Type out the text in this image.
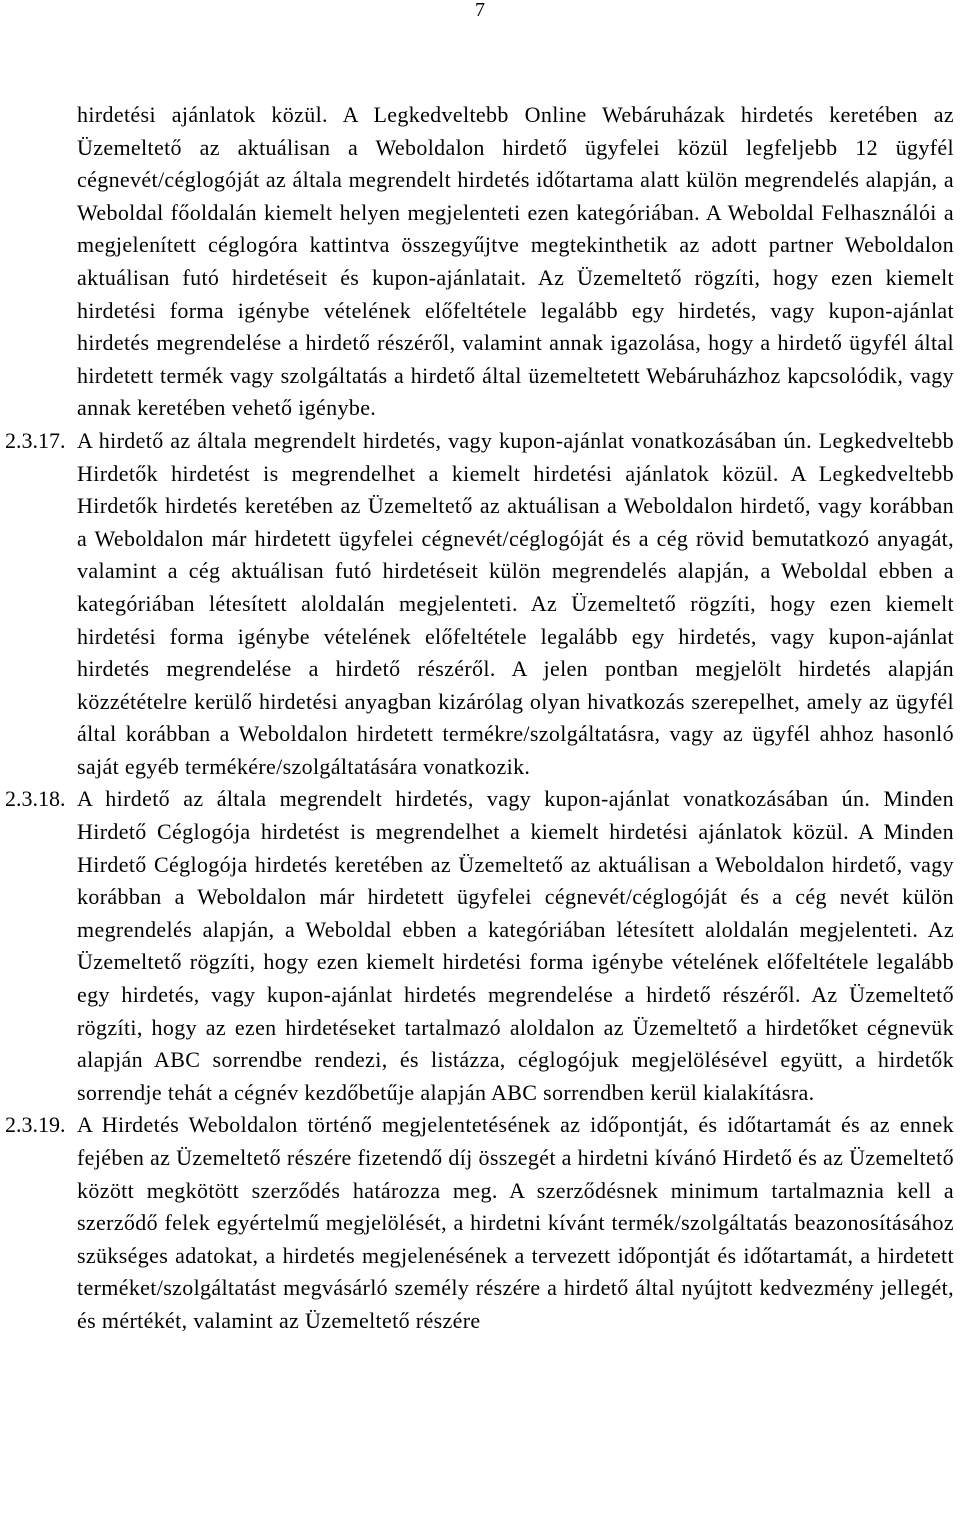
7

hirdetési ajánlatok közül. A Legkedveltebb Online Webáruházak hirdetés keretében az Üzemeltető az aktuálisan a Weboldalon hirdető ügyfelei közül legfeljebb 12 ügyfél cégnevét/céglogóját az általa megrendelt hirdetés időtartama alatt külön megrendelés alapján, a Weboldal főoldalán kiemelt helyen megjelenteti ezen kategóriában. A Weboldal Felhasználói a megjelenített céglogóra kattintva összegyűjtve megtekinthetik az adott partner Weboldalon aktuálisan futó hirdetéseit és kupon-ajánlatait. Az Üzemeltető rögzíti, hogy ezen kiemelt hirdetési forma igénybe vételének előfeltétele legalább egy hirdetés, vagy kupon-ajánlat hirdetés megrendelése a hirdető részéről, valamint annak igazolása, hogy a hirdető ügyfél által hirdetett termék vagy szolgáltatás a hirdető által üzemeltetett Webáruházhoz kapcsolódik, vagy annak keretében vehető igénybe.

2.3.17. A hirdető az általa megrendelt hirdetés, vagy kupon-ajánlat vonatkozásában ún. Legkedveltebb Hirdetők hirdetést is megrendelhet a kiemelt hirdetési ajánlatok közül. A Legkedveltebb Hirdetők hirdetés keretében az Üzemeltető az aktuálisan a Weboldalon hirdető, vagy korábban a Weboldalon már hirdetett ügyfelei cégnevét/céglogóját és a cég rövid bemutatkozó anyagát, valamint a cég aktuálisan futó hirdetéseit külön megrendelés alapján, a Weboldal ebben a kategóriában létesített aloldalán megjelenteti. Az Üzemeltető rögzíti, hogy ezen kiemelt hirdetési forma igénybe vételének előfeltétele legalább egy hirdetés, vagy kupon-ajánlat hirdetés megrendelése a hirdető részéről. A jelen pontban megjelölt hirdetés alapján közzétételre kerülő hirdetési anyagban kizárólag olyan hivatkozás szerepelhet, amely az ügyfél által korábban a Weboldalon hirdetett termékre/szolgáltatásra, vagy az ügyfél ahhoz hasonló saját egyéb termékére/szolgáltatására vonatkozik.

2.3.18. A hirdető az általa megrendelt hirdetés, vagy kupon-ajánlat vonatkozásában ún. Minden Hirdető Céglogója hirdetést is megrendelhet a kiemelt hirdetési ajánlatok közül. A Minden Hirdető Céglogója hirdetés keretében az Üzemeltető az aktuálisan a Weboldalon hirdető, vagy korábban a Weboldalon már hirdetett ügyfelei cégnevét/céglogóját és a cég nevét külön megrendelés alapján, a Weboldal ebben a kategóriában létesített aloldalán megjelenteti. Az Üzemeltető rögzíti, hogy ezen kiemelt hirdetési forma igénybe vételének előfeltétele legalább egy hirdetés, vagy kupon-ajánlat hirdetés megrendelése a hirdető részéről. Az Üzemeltető rögzíti, hogy az ezen hirdetéseket tartalmazó aloldalon az Üzemeltető a hirdetőket cégnevük alapján ABC sorrendbe rendezi, és listázza, céglogójuk megjelölésével együtt, a hirdetők sorrendje tehát a cégnév kezdőbetűje alapján ABC sorrendben kerül kialakításra.

2.3.19. A Hirdetés Weboldalon történő megjelentetésének az időpontját, és időtartamát és az ennek fejében az Üzemeltető részére fizetendő díj összegét a hirdetni kívánó Hirdető és az Üzemeltető között megkötött szerződés határozza meg. A szerződésnek minimum tartalmaznia kell a szerződő felek egyértelmű megjelölését, a hirdetni kívánt termék/szolgáltatás beazonosításához szükséges adatokat, a hirdetés megjelenésének a tervezett időpontját és időtartamát, a hirdetett terméket/szolgáltatást megvásárló személy részére a hirdető által nyújtott kedvezmény jellegét, és mértékét, valamint az Üzemeltető részére
